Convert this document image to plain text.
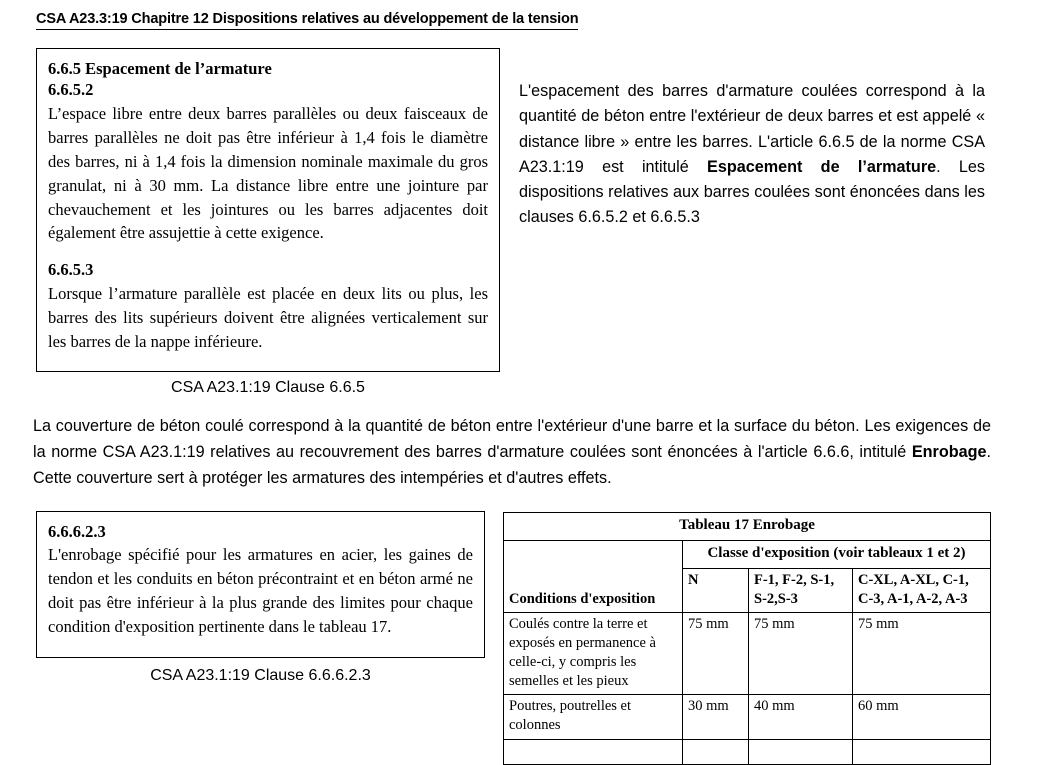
CSA A23.3:19 Chapitre 12 Dispositions relatives au développement de la tension
6.6.5 Espacement de l’armature
6.6.5.2
L’espace libre entre deux barres parallèles ou deux faisceaux de barres parallèles ne doit pas être inférieur à 1,4 fois le diamètre des barres, ni à 1,4 fois la dimension nominale maximale du gros granulat, ni à 30 mm. La distance libre entre une jointure par chevauchement et les jointures ou les barres adjacentes doit également être assujettie à cette exigence.
6.6.5.3
Lorsque l’armature parallèle est placée en deux lits ou plus, les barres des lits supérieurs doivent être alignées verticalement sur les barres de la nappe inférieure.
CSA A23.1:19 Clause 6.6.5
L'espacement des barres d'armature coulées correspond à la quantité de béton entre l'extérieur de deux barres et est appelé « distance libre » entre les barres. L'article 6.6.5 de la norme CSA A23.1:19 est intitulé Espacement de l’armature. Les dispositions relatives aux barres coulées sont énoncées dans les clauses 6.6.5.2 et 6.6.5.3
La couverture de béton coulé correspond à la quantité de béton entre l'extérieur d'une barre et la surface du béton. Les exigences de la norme CSA A23.1:19 relatives au recouvrement des barres d'armature coulées sont énoncées à l'article 6.6.6, intitulé Enrobage. Cette couverture sert à protéger les armatures des intempéries et d'autres effets.
6.6.6.2.3
L'enrobage spécifié pour les armatures en acier, les gaines de tendon et les conduits en béton précontraint et en béton armé ne doit pas être inférieur à la plus grande des limites pour chaque condition d'exposition pertinente dans le tableau 17.
CSA A23.1:19 Clause 6.6.6.2.3
Tableau 17 Enrobage			
Conditions d'exposition	Classe d'exposition (voir tableaux 1 et 2)		
	N	F-1, F-2, S-1, S-2,S-3	C-XL, A-XL, C-1, C-3, A-1, A-2, A-3
Coulés contre la terre et exposés en permanence à celle-ci, y compris les semelles et les pieux	75 mm	75 mm	75 mm
Poutres, poutrelles et colonnes	30 mm	40 mm	60 mm
